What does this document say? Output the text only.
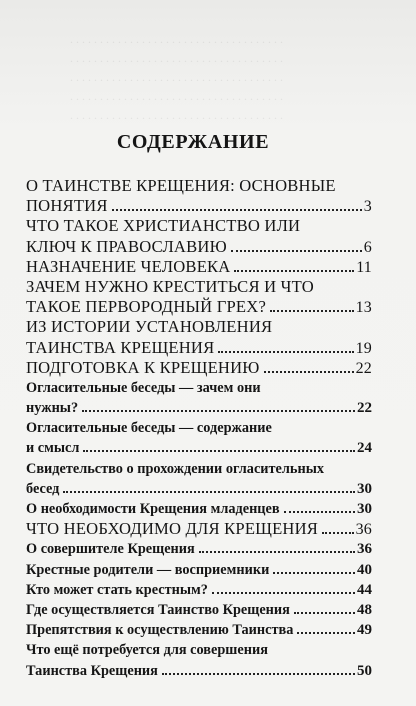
. . . . . . . . . . . . . . . . . . . . . . . . . . . . . . . . . . . .
. . . . . . . . . . . . . . . . . . . . . . . . . . . . . . . . . . . .
. . . . . . . . . . . . . . . . . . . . . . . . . . . . . . . . . . . .
. . . . . . . . . . . . . . . . . . . . . . . . . . . . . . . . . . . .
. . . . . . . . . . . . . . . . . . . . . . . . . . . . . . . . . . . .
СОДЕРЖАНИЕ
О ТАИНСТВЕ КРЕЩЕНИЯ: ОСНОВНЫЕ
ПОНЯТИЯ	3
ЧТО ТАКОЕ ХРИСТИАНСТВО ИЛИ
КЛЮЧ К ПРАВОСЛАВИЮ	6
НАЗНАЧЕНИЕ ЧЕЛОВЕКА	11
ЗАЧЕМ НУЖНО КРЕСТИТЬСЯ И ЧТО
ТАКОЕ ПЕРВОРОДНЫЙ ГРЕХ?	13
ИЗ ИСТОРИИ УСТАНОВЛЕНИЯ
ТАИНСТВА КРЕЩЕНИЯ	19
ПОДГОТОВКА К КРЕЩЕНИЮ	22
Огласительные беседы — зачем они
нужны?	22
Огласительные беседы — содержание
и смысл	24
Свидетельство о прохождении огласительных
бесед	30
О необходимости Крещения младенцев	30
ЧТО НЕОБХОДИМО ДЛЯ КРЕЩЕНИЯ 36
О совершителе Крещения	36
Крестные родители — восприемники	40
Кто может стать крестным?	44
Где осуществляется Таинство Крещения	48
Препятствия к осуществлению Таинства	49
Что ещё потребуется для совершения
Таинства Крещения	50
